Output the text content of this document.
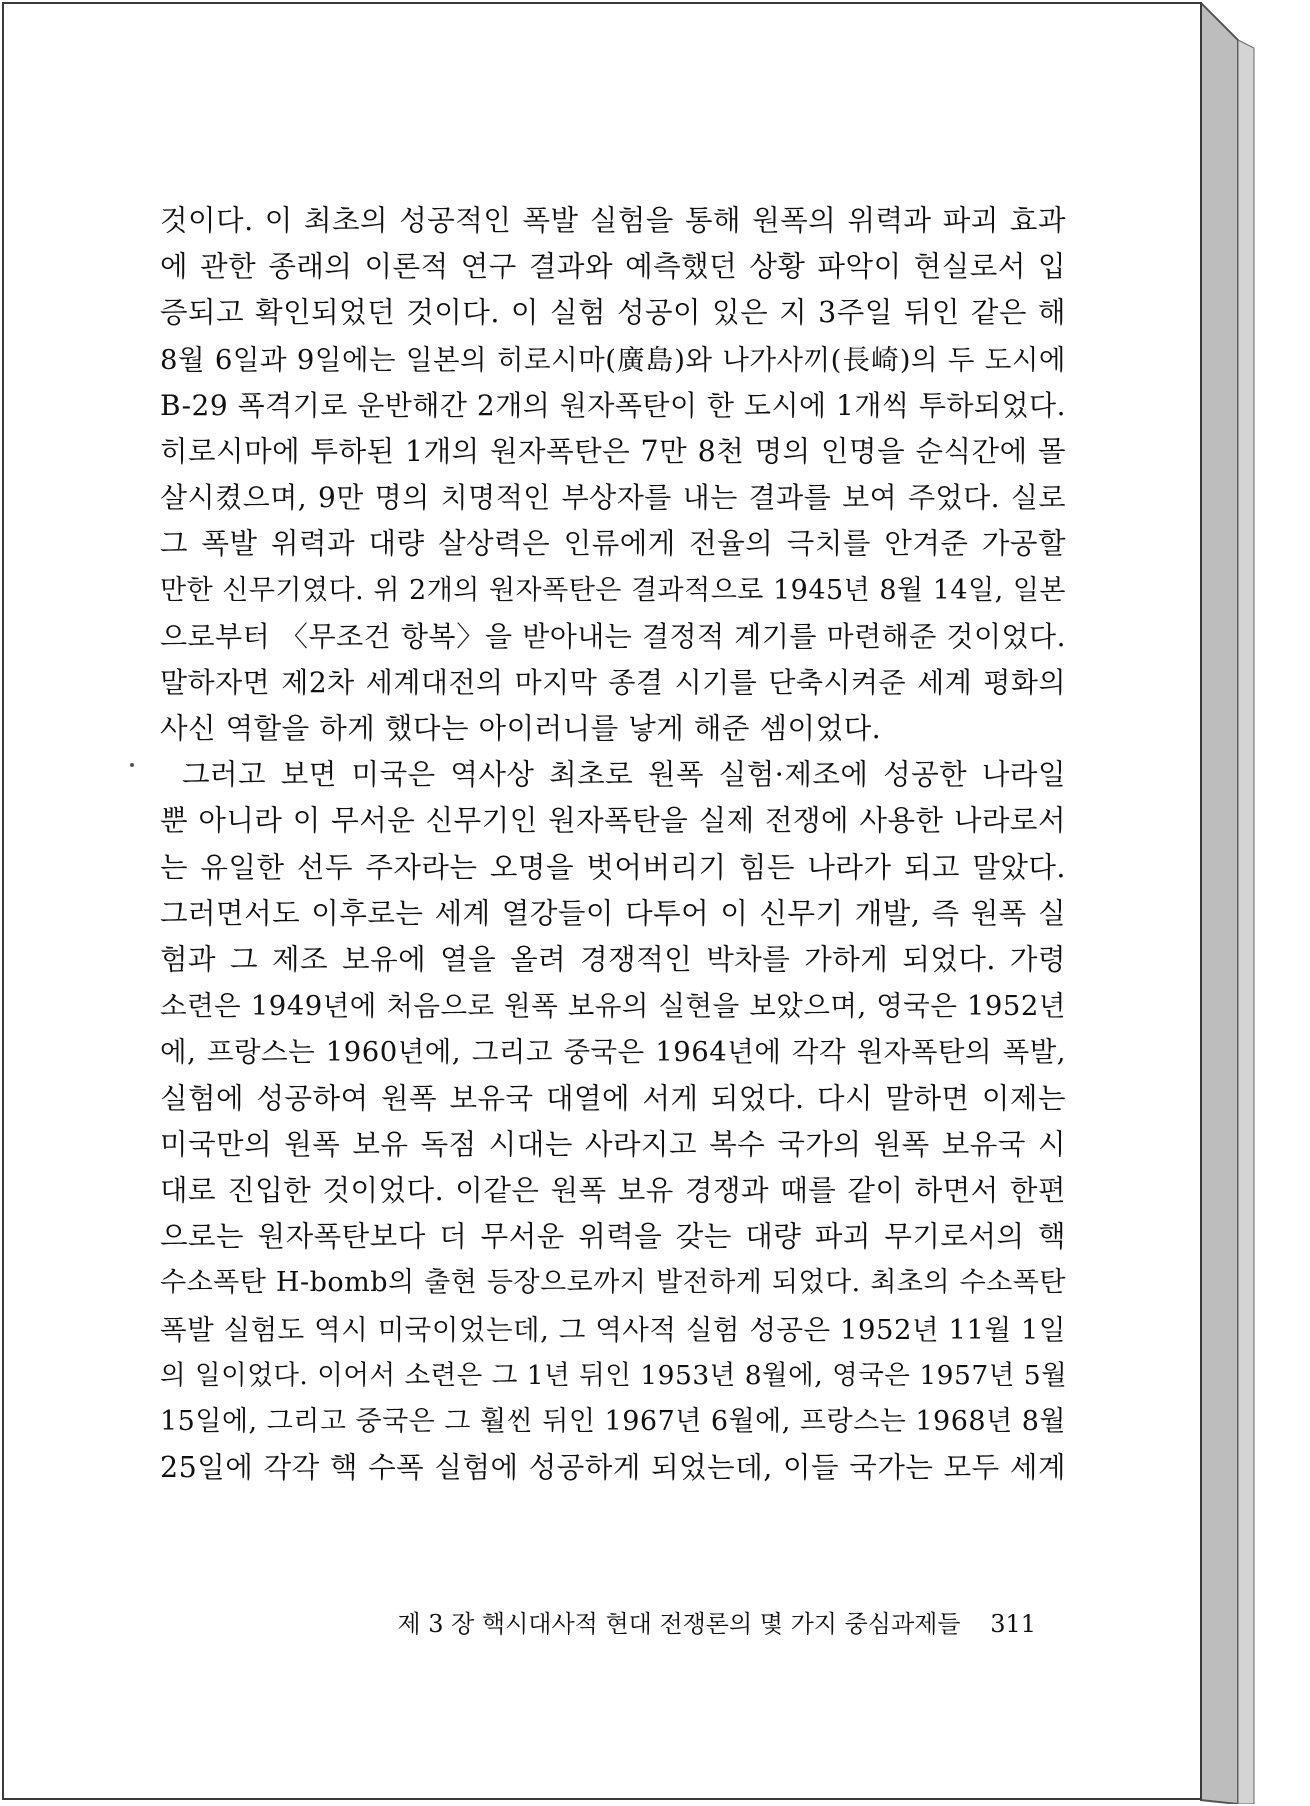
것이다. 이 최초의 성공적인 폭발 실험을 통해 원폭의 위력과 파괴 효과
에 관한 종래의 이론적 연구 결과와 예측했던 상황 파악이 현실로서 입
증되고 확인되었던 것이다. 이 실험 성공이 있은 지 3주일 뒤인 같은 해
8월 6일과 9일에는 일본의 히로시마(廣島)와 나가사끼(長崎)의 두 도시에
B-29 폭격기로 운반해간 2개의 원자폭탄이 한 도시에 1개씩 투하되었다.
히로시마에 투하된 1개의 원자폭탄은 7만 8천 명의 인명을 순식간에 몰
살시켰으며, 9만 명의 치명적인 부상자를 내는 결과를 보여 주었다. 실로
그 폭발 위력과 대량 살상력은 인류에게 전율의 극치를 안겨준 가공할
만한 신무기였다. 위 2개의 원자폭탄은 결과적으로 1945년 8월 14일, 일본
으로부터 〈무조건 항복〉을 받아내는 결정적 계기를 마련해준 것이었다.
말하자면 제2차 세계대전의 마지막 종결 시기를 단축시켜준 세계 평화의
사신 역할을 하게 했다는 아이러니를 낳게 해준 셈이었다.
그러고 보면 미국은 역사상 최초로 원폭 실험·제조에 성공한 나라일
뿐 아니라 이 무서운 신무기인 원자폭탄을 실제 전쟁에 사용한 나라로서
는 유일한 선두 주자라는 오명을 벗어버리기 힘든 나라가 되고 말았다.
그러면서도 이후로는 세계 열강들이 다투어 이 신무기 개발, 즉 원폭 실
험과 그 제조 보유에 열을 올려 경쟁적인 박차를 가하게 되었다. 가령
소련은 1949년에 처음으로 원폭 보유의 실현을 보았으며, 영국은 1952년
에, 프랑스는 1960년에, 그리고 중국은 1964년에 각각 원자폭탄의 폭발,
실험에 성공하여 원폭 보유국 대열에 서게 되었다. 다시 말하면 이제는
미국만의 원폭 보유 독점 시대는 사라지고 복수 국가의 원폭 보유국 시
대로 진입한 것이었다. 이같은 원폭 보유 경쟁과 때를 같이 하면서 한편
으로는 원자폭탄보다 더 무서운 위력을 갖는 대량 파괴 무기로서의 핵
수소폭탄 H-bomb의 출현 등장으로까지 발전하게 되었다. 최초의 수소폭탄
폭발 실험도 역시 미국이었는데, 그 역사적 실험 성공은 1952년 11월 1일
의 일이었다. 이어서 소련은 그 1년 뒤인 1953년 8월에, 영국은 1957년 5월
15일에, 그리고 중국은 그 훨씬 뒤인 1967년 6월에, 프랑스는 1968년 8월
25일에 각각 핵 수폭 실험에 성공하게 되었는데, 이들 국가는 모두 세계
제 3 장 핵시대사적 현대 전쟁론의 몇 가지 중심과제들 311
